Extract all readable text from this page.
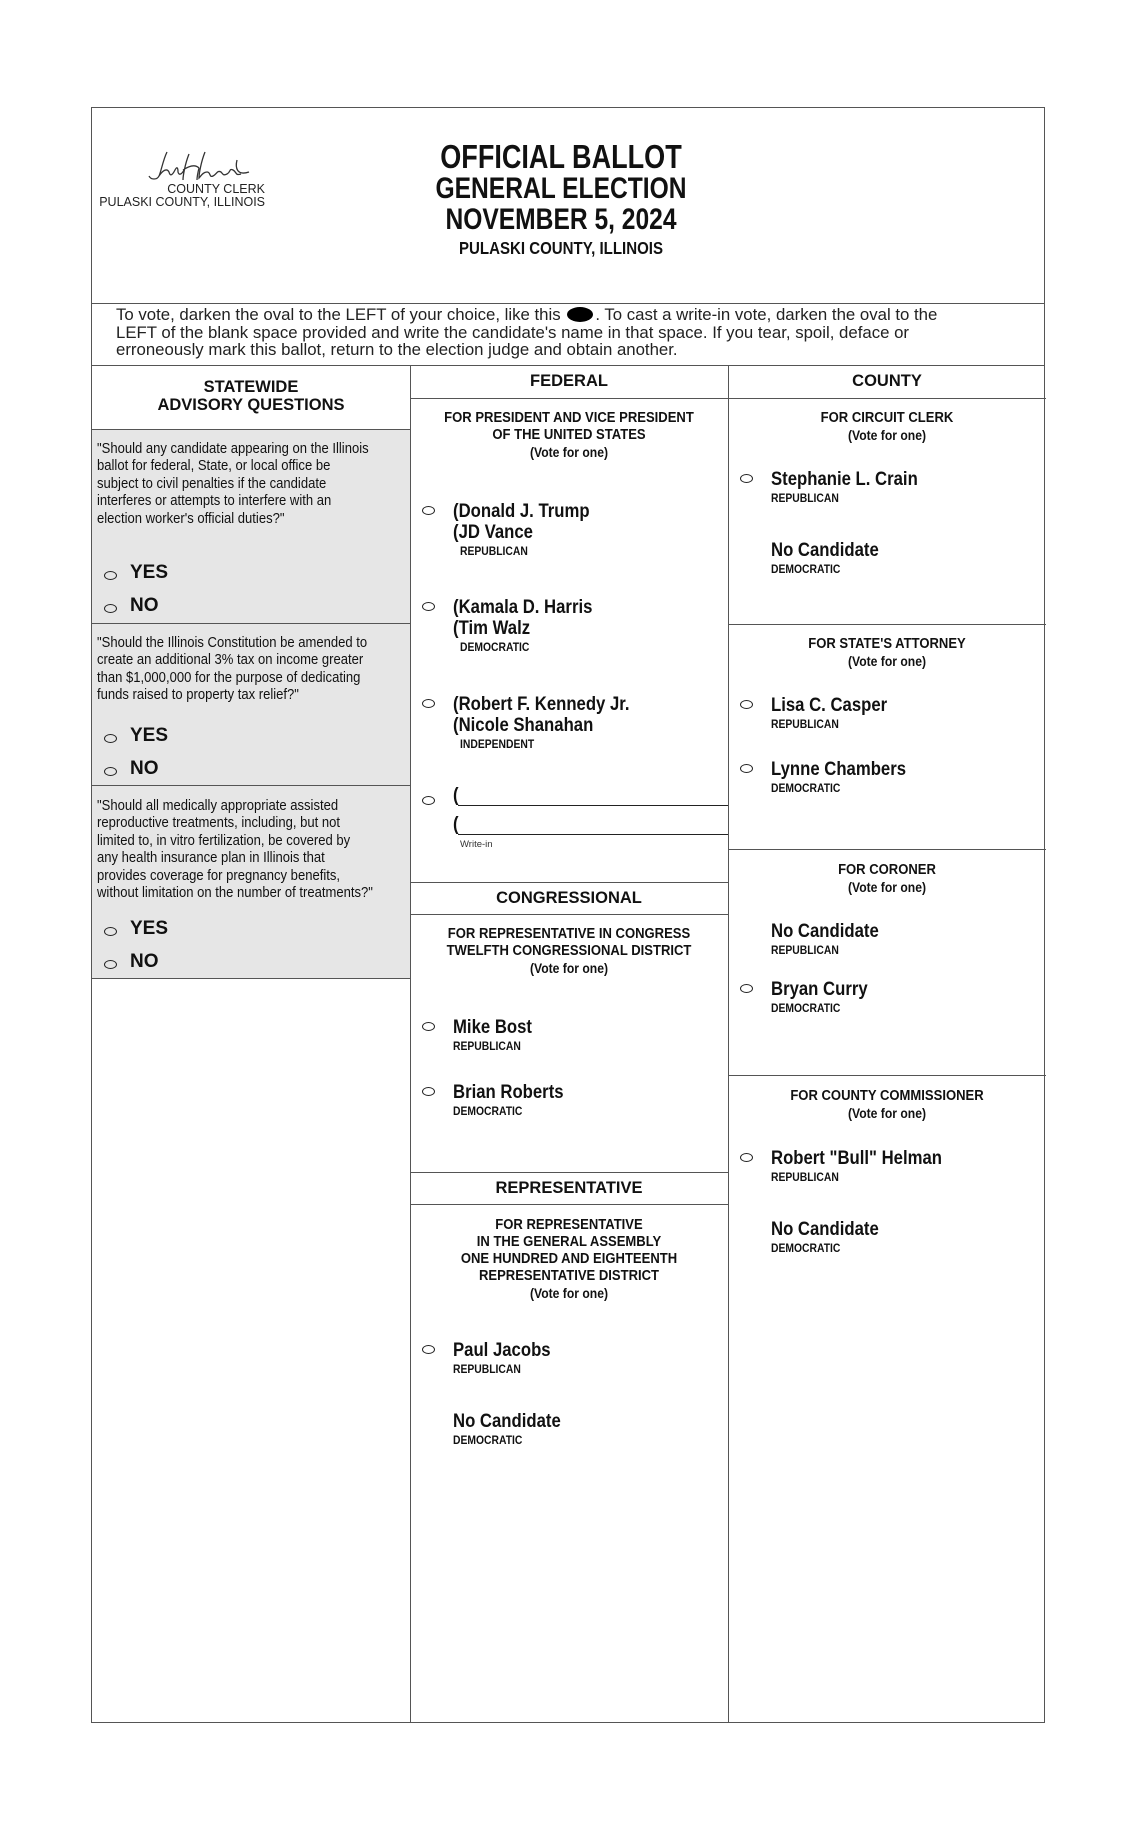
COUNTY CLERK
PULASKI COUNTY, ILLINOIS
OFFICIAL BALLOT
GENERAL ELECTION
NOVEMBER 5, 2024
PULASKI COUNTY, ILLINOIS
To vote, darken the oval to the LEFT of your choice, like this . To cast a write-in vote, darken the oval to the
LEFT of the blank space provided and write the candidate's name in that space. If you tear, spoil, deface or
erroneously mark this ballot, return to the election judge and obtain another.
STATEWIDE
ADVISORY QUESTIONS
"Should any candidate appearing on the Illinois
ballot for federal, State, or local office be
subject to civil penalties if the candidate
interferes or attempts to interfere with an
election worker's official duties?"
YES
NO
"Should the Illinois Constitution be amended to
create an additional 3% tax on income greater
than $1,000,000 for the purpose of dedicating
funds raised to property tax relief?"
YES
NO
"Should all medically appropriate assisted
reproductive treatments, including, but not
limited to, in vitro fertilization, be covered by
any health insurance plan in Illinois that
provides coverage for pregnancy benefits,
without limitation on the number of treatments?"
YES
NO
FEDERAL
FOR PRESIDENT AND VICE PRESIDENT
OF THE UNITED STATES
(Vote for one)
(Donald J. Trump
(JD Vance
REPUBLICAN
(Kamala D. Harris
(Tim Walz
DEMOCRATIC
(Robert F. Kennedy Jr.
(Nicole Shanahan
INDEPENDENT
(
(
Write-in
CONGRESSIONAL
FOR REPRESENTATIVE IN CONGRESS
TWELFTH CONGRESSIONAL DISTRICT
(Vote for one)
Mike Bost
REPUBLICAN
Brian Roberts
DEMOCRATIC
REPRESENTATIVE
FOR REPRESENTATIVE
IN THE GENERAL ASSEMBLY
ONE HUNDRED AND EIGHTEENTH
REPRESENTATIVE DISTRICT
(Vote for one)
Paul Jacobs
REPUBLICAN
No Candidate
DEMOCRATIC
COUNTY
FOR CIRCUIT CLERK
(Vote for one)
Stephanie L. Crain
REPUBLICAN
No Candidate
DEMOCRATIC
FOR STATE'S ATTORNEY
(Vote for one)
Lisa C. Casper
REPUBLICAN
Lynne Chambers
DEMOCRATIC
FOR CORONER
(Vote for one)
No Candidate
REPUBLICAN
Bryan Curry
DEMOCRATIC
FOR COUNTY COMMISSIONER
(Vote for one)
Robert "Bull" Helman
REPUBLICAN
No Candidate
DEMOCRATIC
